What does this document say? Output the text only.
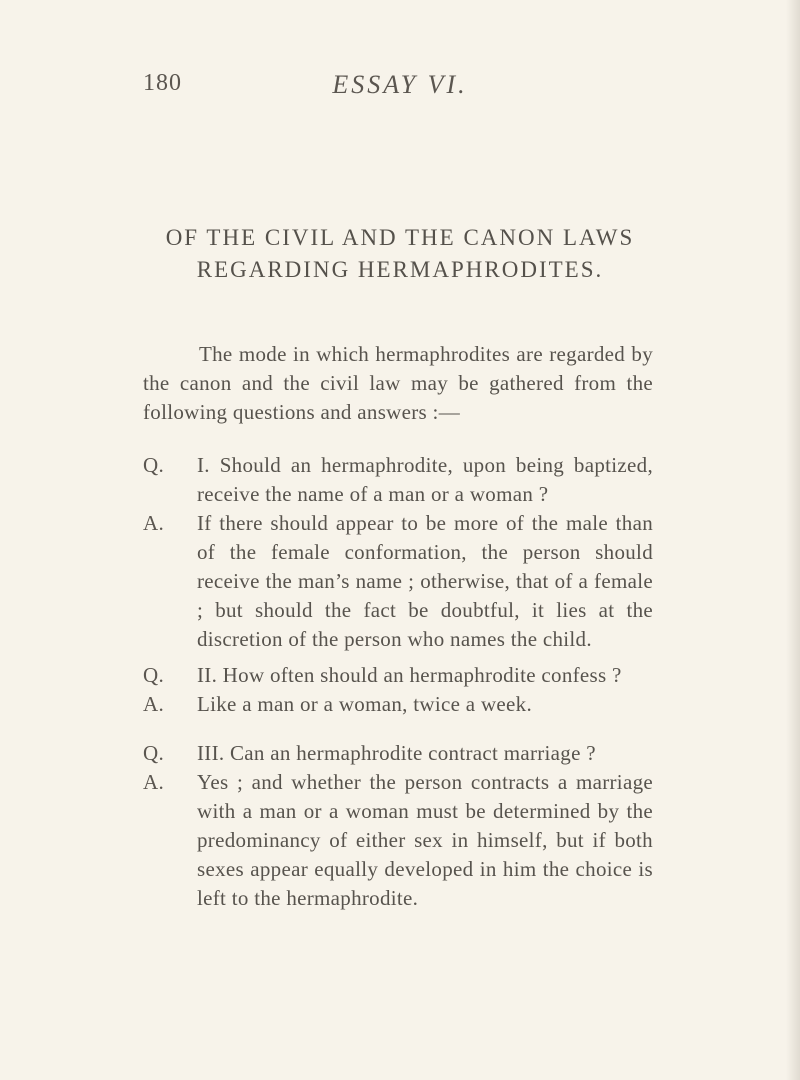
180	ESSAY VI.
OF THE CIVIL AND THE CANON LAWS
REGARDING HERMAPHRODITES.

The mode in which hermaphrodites are regarded by the canon and the civil law may be gathered from the following questions and answers :—

Q.	I. Should an hermaphrodite, upon being baptized, receive the name of a man or a woman ?
A.	If there should appear to be more of the male than of the female conformation, the person should receive the man’s name ; otherwise, that of a female ; but should the fact be doubtful, it lies at the discretion of the person who names the child.
Q.	II. How often should an hermaphrodite confess ?
A.	Like a man or a woman, twice a week.
Q.	III. Can an hermaphrodite contract marriage ?
A.	Yes ; and whether the person contracts a marriage with a man or a woman must be determined by the predominancy of either sex in himself, but if both sexes appear equally developed in him the choice is left to the hermaphrodite.
